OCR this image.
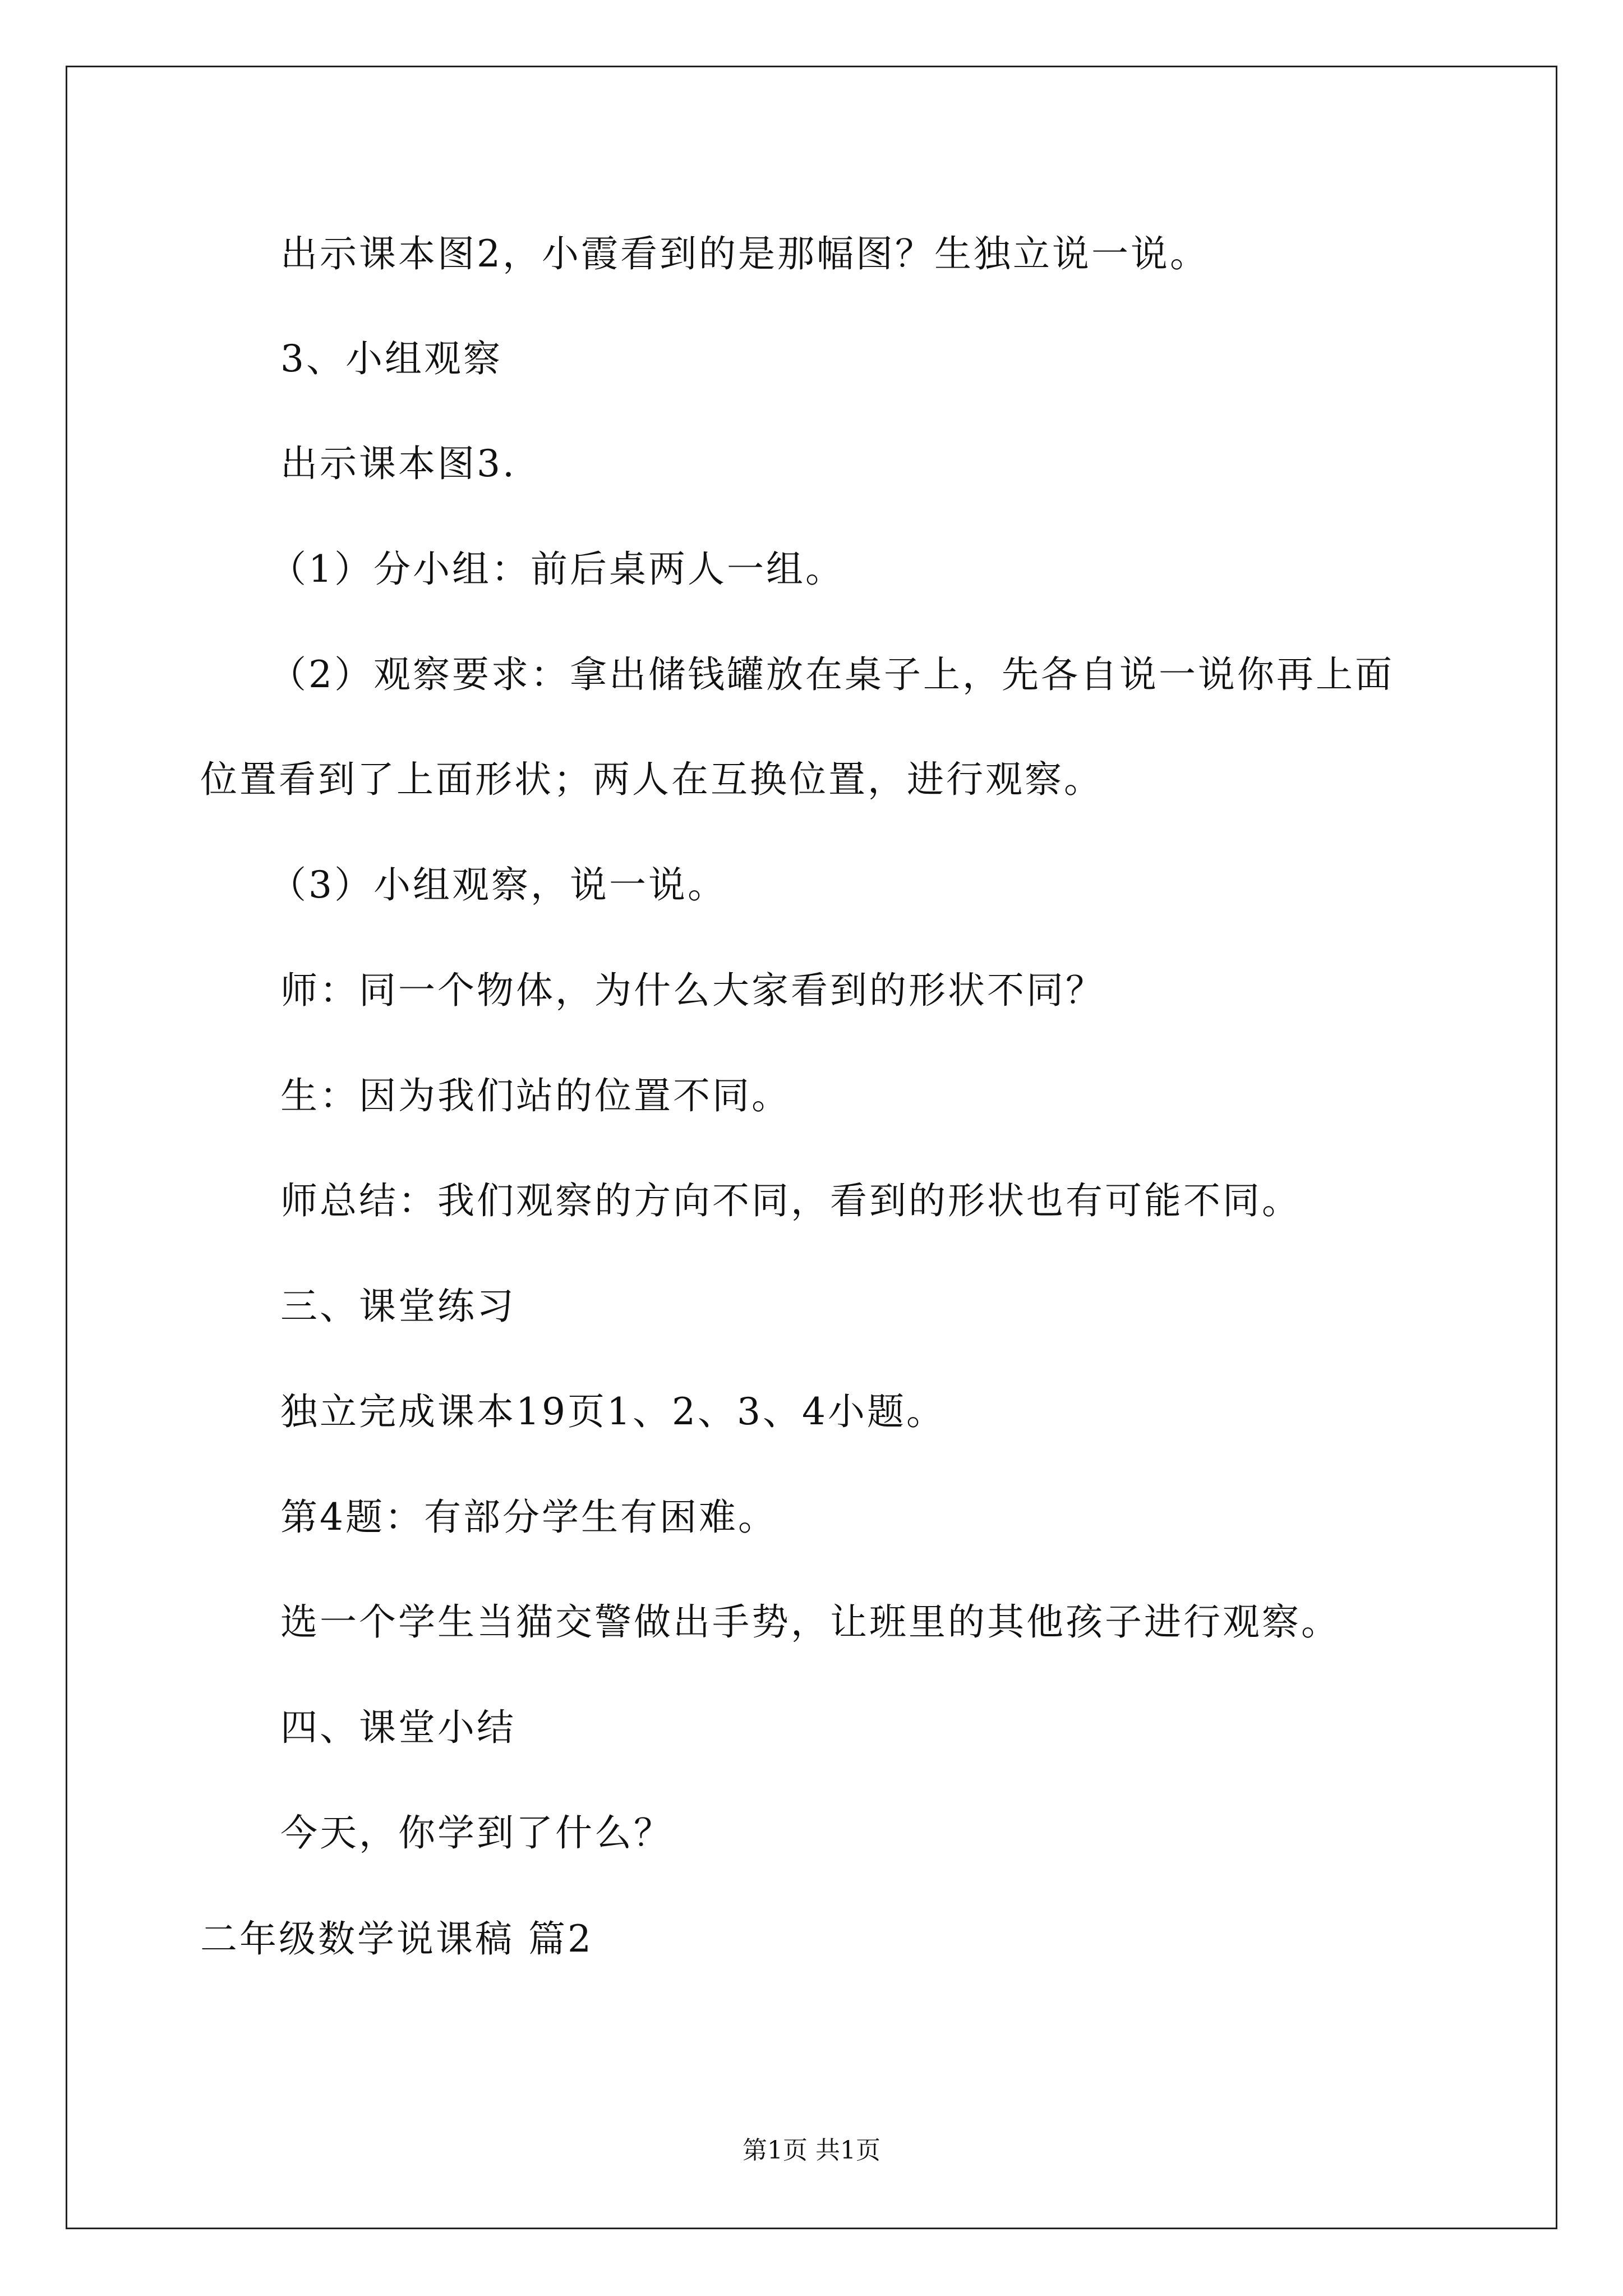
出示课本图2，小霞看到的是那幅图？生独立说一说。
3、小组观察
出示课本图3.
（1）分小组：前后桌两人一组。
（2）观察要求：拿出储钱罐放在桌子上，先各自说一说你再上面
位置看到了上面形状；两人在互换位置，进行观察。
（3）小组观察，说一说。
师：同一个物体，为什么大家看到的形状不同？
生：因为我们站的位置不同。
师总结：我们观察的方向不同，看到的形状也有可能不同。
三、课堂练习
独立完成课本19页1、2、3、4小题。
第4题：有部分学生有困难。
选一个学生当猫交警做出手势，让班里的其他孩子进行观察。
四、课堂小结
今天，你学到了什么？
二年级数学说课稿 篇2
第1页 共1页
